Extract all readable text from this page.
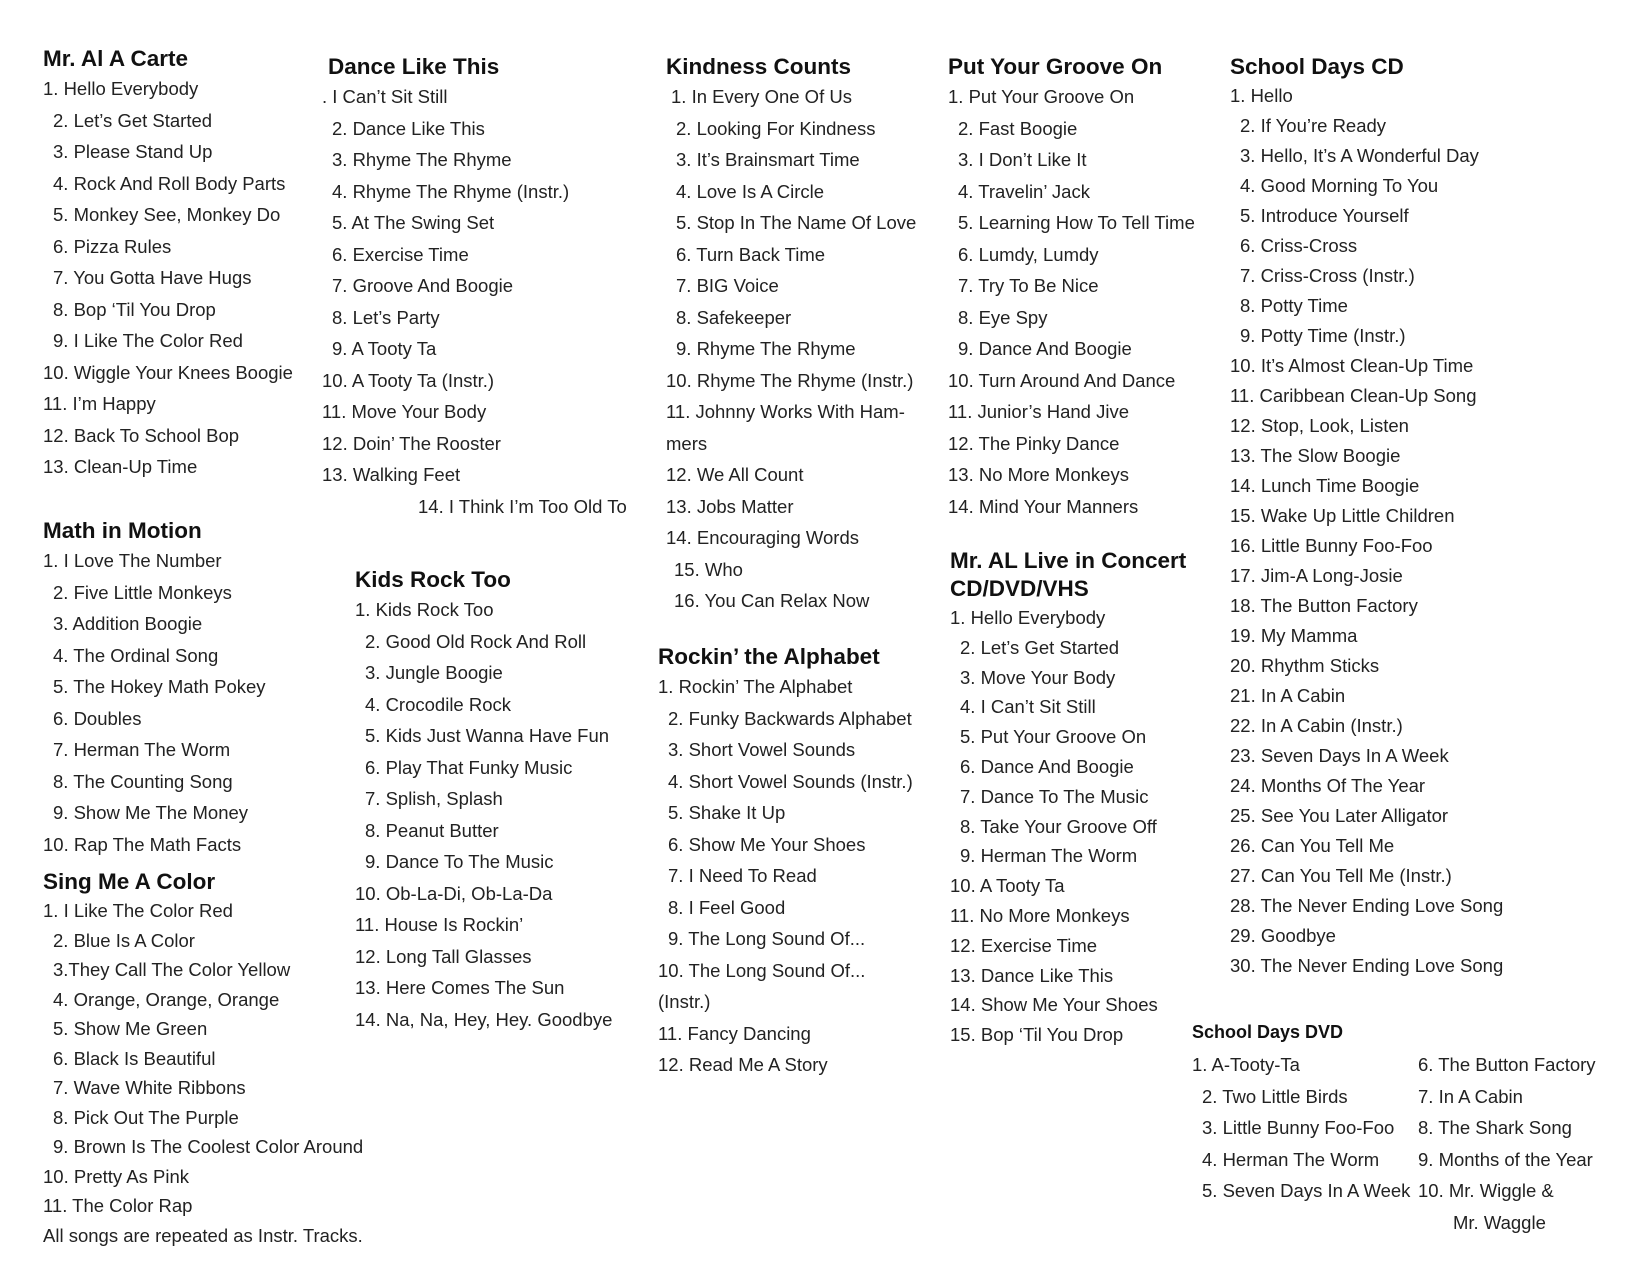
Mr. Al A Carte
1. Hello Everybody
2. Let’s Get Started
3. Please Stand Up
4. Rock And Roll Body Parts
5. Monkey See, Monkey Do
6. Pizza Rules
7. You Gotta Have Hugs
8. Bop ‘Til You Drop
9. I Like The Color Red
10. Wiggle Your Knees Boogie
11. I’m Happy
12. Back To School Bop
13. Clean-Up Time
Math in Motion
1. I Love The Number
2. Five Little Monkeys
3. Addition Boogie
4. The Ordinal Song
5. The Hokey Math Pokey
6. Doubles
7. Herman The Worm
8. The Counting Song
9. Show Me The Money
10. Rap The Math Facts
Sing Me A Color
1. I Like The Color Red
2. Blue Is A Color
3.They Call The Color Yellow
4. Orange, Orange, Orange
5. Show Me Green
6. Black Is Beautiful
7. Wave White Ribbons
8. Pick Out The Purple
9. Brown Is The Coolest Color Around
10. Pretty As Pink
11. The Color Rap
All songs are repeated as Instr. Tracks.
Dance Like This
. I Can’t Sit Still
2. Dance Like This
3. Rhyme The Rhyme
4. Rhyme The Rhyme (Instr.)
5. At The Swing Set
6. Exercise Time
7. Groove And Boogie
8. Let’s Party
9. A Tooty Ta
10. A Tooty Ta (Instr.)
11. Move Your Body
12. Doin’ The Rooster
13. Walking Feet
14. I Think I’m Too Old To
Kids Rock Too
1. Kids Rock Too
2. Good Old Rock And Roll
3. Jungle Boogie
4. Crocodile Rock
5. Kids Just Wanna Have Fun
6. Play That Funky Music
7. Splish, Splash
8. Peanut Butter
9. Dance To The Music
10. Ob-La-Di, Ob-La-Da
11. House Is Rockin’
12. Long Tall Glasses
13. Here Comes The Sun
14. Na, Na, Hey, Hey. Goodbye
Kindness Counts
1. In Every One Of Us
2. Looking For Kindness
3. It’s Brainsmart Time
4. Love Is A Circle
5. Stop In The Name Of Love
6. Turn Back Time
7. BIG Voice
8. Safekeeper
9. Rhyme The Rhyme
10. Rhyme The Rhyme (Instr.)
11. Johnny Works With Ham-
mers
12. We All Count
13. Jobs Matter
14. Encouraging Words
15. Who
16. You Can Relax Now
Rockin’ the Alphabet
1. Rockin’ The Alphabet
2. Funky Backwards Alphabet
3. Short Vowel Sounds
4. Short Vowel Sounds (Instr.)
5. Shake It Up
6. Show Me Your Shoes
7. I Need To Read
8. I Feel Good
9. The Long Sound Of...
10. The Long Sound Of...
(Instr.)
11. Fancy Dancing
12. Read Me A Story
Put Your Groove On
1. Put Your Groove On
2. Fast Boogie
3. I Don’t Like It
4. Travelin’ Jack
5. Learning How To Tell Time
6. Lumdy, Lumdy
7. Try To Be Nice
8. Eye Spy
9. Dance And Boogie
10. Turn Around And Dance
11. Junior’s Hand Jive
12. The Pinky Dance
13. No More Monkeys
14. Mind Your Manners
Mr. AL Live in Concert
CD/DVD/VHS
1. Hello Everybody
2. Let’s Get Started
3. Move Your Body
4. I Can’t Sit Still
5. Put Your Groove On
6. Dance And Boogie
7. Dance To The Music
8. Take Your Groove Off
9. Herman The Worm
10. A Tooty Ta
11. No More Monkeys
12. Exercise Time
13. Dance Like This
14. Show Me Your Shoes
15. Bop ‘Til You Drop
School Days CD
1. Hello
2. If You’re Ready
3. Hello, It’s A Wonderful Day
4. Good Morning To You
5. Introduce Yourself
6. Criss-Cross
7. Criss-Cross (Instr.)
8. Potty Time
9. Potty Time (Instr.)
10. It’s Almost Clean-Up Time
11. Caribbean Clean-Up Song
12. Stop, Look, Listen
13. The Slow Boogie
14. Lunch Time Boogie
15. Wake Up Little Children
16. Little Bunny Foo-Foo
17. Jim-A Long-Josie
18. The Button Factory
19. My Mamma
20. Rhythm Sticks
21. In A Cabin
22. In A Cabin (Instr.)
23. Seven Days In A Week
24. Months Of The Year
25. See You Later Alligator
26. Can You Tell Me
27. Can You Tell Me (Instr.)
28. The Never Ending Love Song
29. Goodbye
30. The Never Ending Love Song
School Days DVD
1. A-Tooty-Ta
2. Two Little Birds
3. Little Bunny Foo-Foo
4. Herman The Worm
5. Seven Days In A Week
6. The Button Factory
7. In A Cabin
8. The Shark Song
9. Months of the Year
10. Mr. Wiggle &
Mr. Waggle
